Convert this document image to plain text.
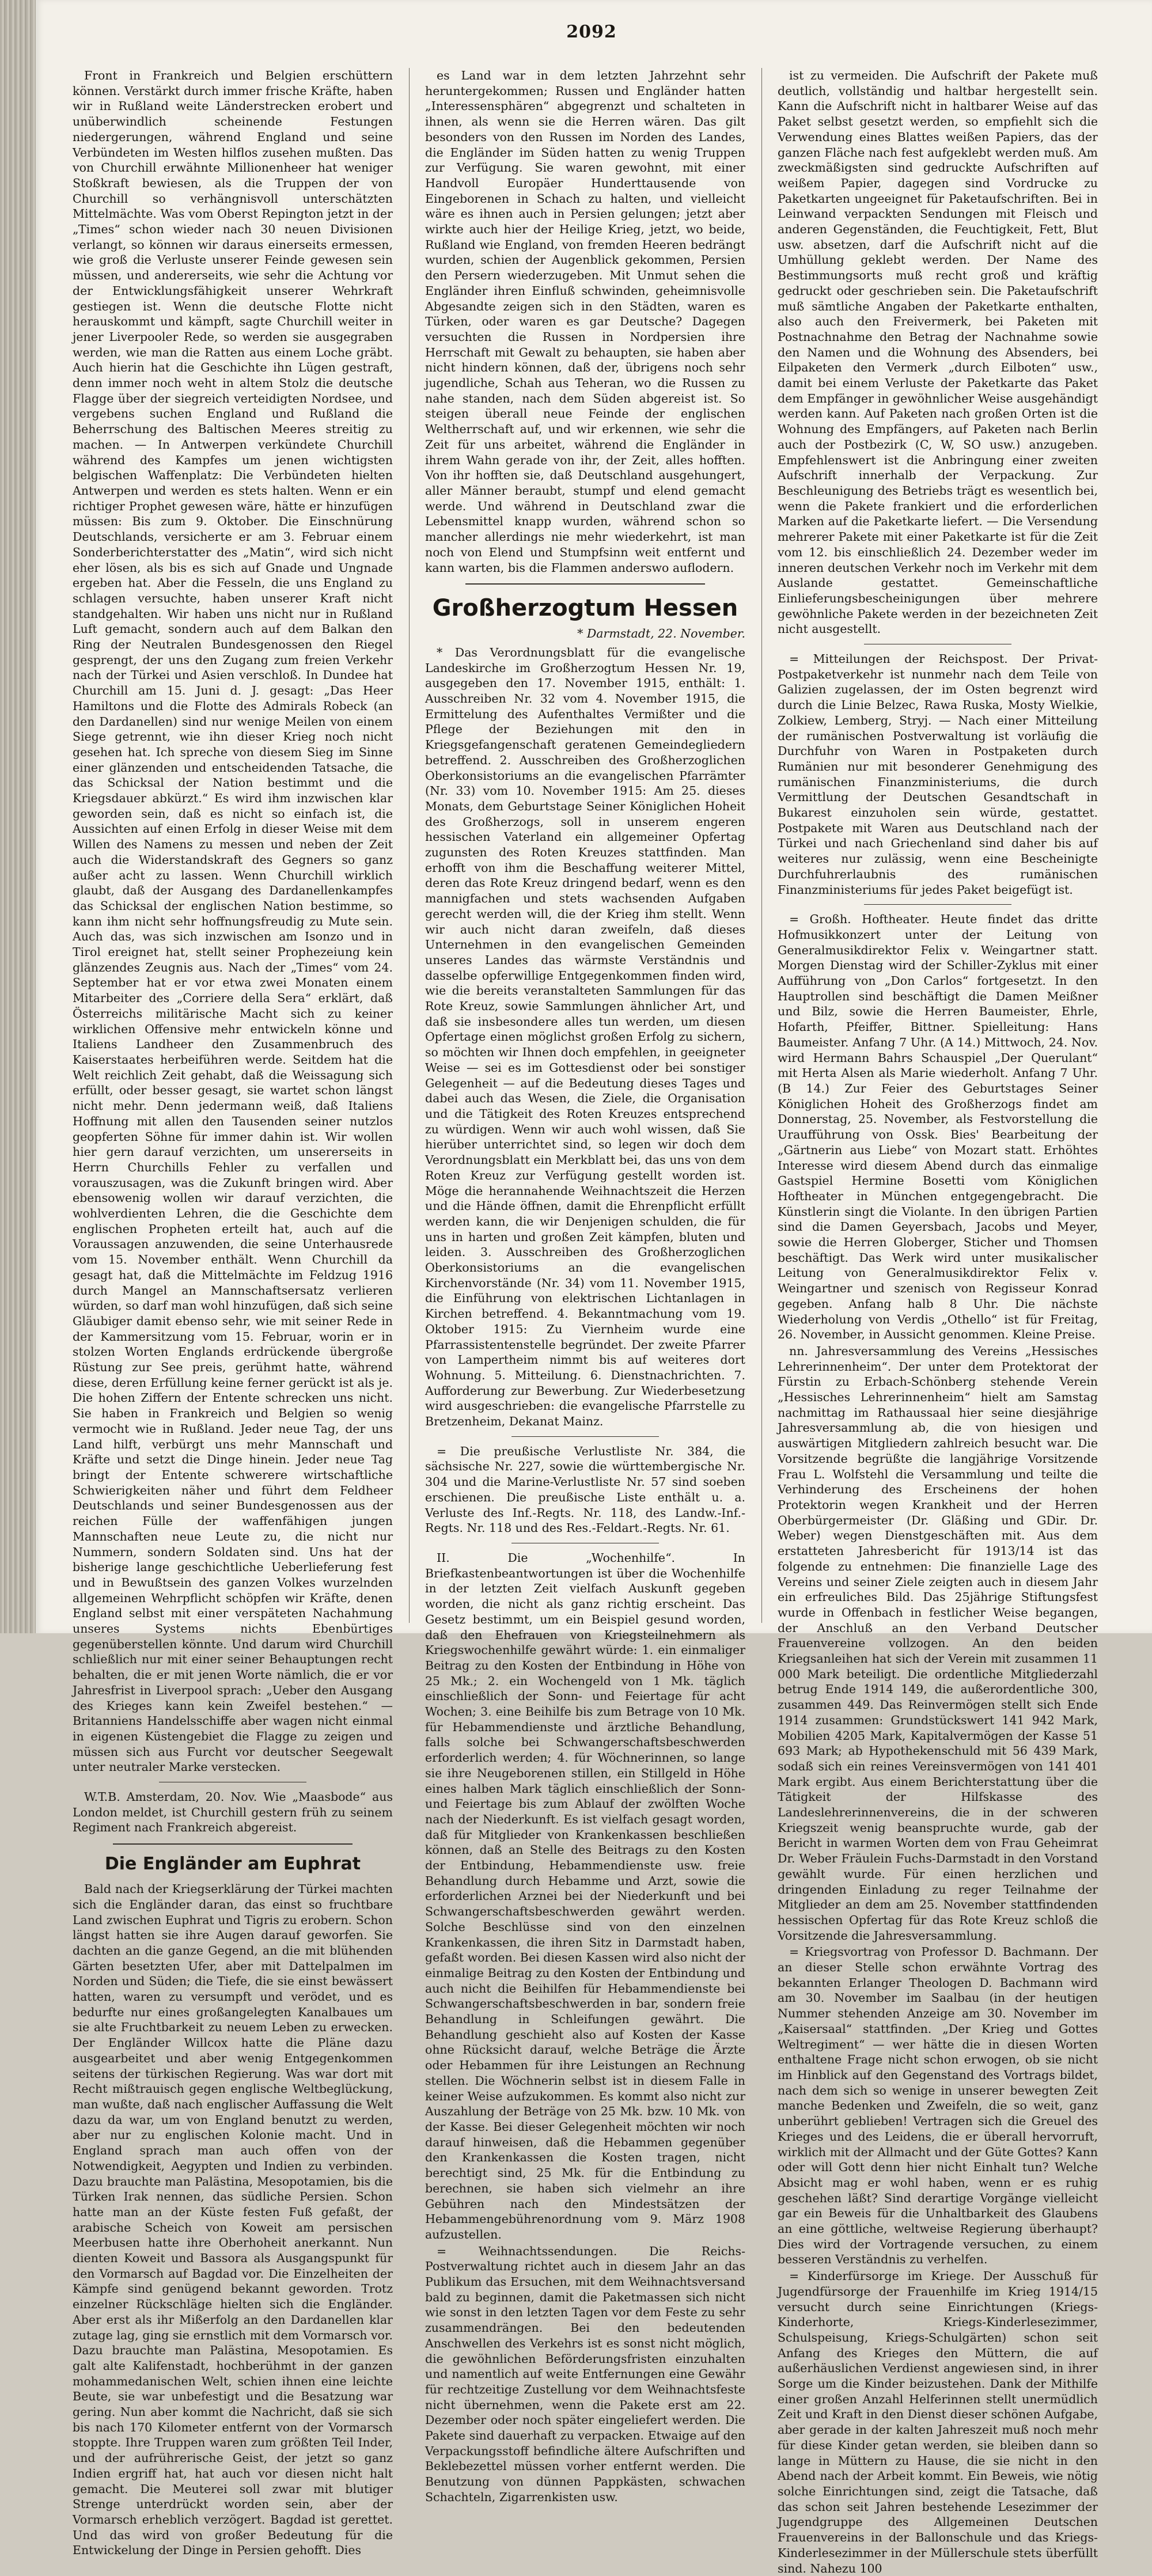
2092

Front in Frankreich und Belgien erschüttern können. Verstärkt durch immer frische Kräfte, haben wir in Rußland weite Länderstrecken erobert und unüberwindlich scheinende Festungen niedergerungen, während England und seine Verbündeten im Westen hilflos zusehen mußten. Das von Churchill erwähnte Millionenheer hat weniger Stoßkraft bewiesen, als die Truppen der von Churchill so verhängnisvoll unterschätzten Mittelmächte. Was vom Oberst Repington jetzt in der „Times“ schon wieder nach 30 neuen Divisionen verlangt, so können wir daraus einerseits ermessen, wie groß die Verluste unserer Feinde gewesen sein müssen, und andererseits, wie sehr die Achtung vor der Entwicklungsfähigkeit unserer Wehrkraft gestiegen ist. Wenn die deutsche Flotte nicht herauskommt und kämpft, sagte Churchill weiter in jener Liverpooler Rede, so werden sie ausgegraben werden, wie man die Ratten aus einem Loche gräbt. Auch hierin hat die Geschichte ihn Lügen gestraft, denn immer noch weht in altem Stolz die deutsche Flagge über der siegreich verteidigten Nordsee, und vergebens suchen England und Rußland die Beherrschung des Baltischen Meeres streitig zu machen. — In Antwerpen verkündete Churchill während des Kampfes um jenen wichtigsten belgischen Waffenplatz: Die Verbündeten hielten Antwerpen und werden es stets halten. Wenn er ein richtiger Prophet gewesen wäre, hätte er hinzufügen müssen: Bis zum 9. Oktober. Die Einschnürung Deutschlands, versicherte er am 3. Februar einem Sonderberichterstatter des „Matin“, wird sich nicht eher lösen, als bis es sich auf Gnade und Ungnade ergeben hat. Aber die Fesseln, die uns England zu schlagen versuchte, haben unserer Kraft nicht standgehalten. Wir haben uns nicht nur in Rußland Luft gemacht, sondern auch auf dem Balkan den Ring der Neutralen Bundesgenossen den Riegel gesprengt, der uns den Zugang zum freien Verkehr nach der Türkei und Asien verschloß. In Dundee hat Churchill am 15. Juni d. J. gesagt: „Das Heer Hamiltons und die Flotte des Admirals Robeck (an den Dardanellen) sind nur wenige Meilen von einem Siege getrennt, wie ihn dieser Krieg noch nicht gesehen hat. Ich spreche von diesem Sieg im Sinne einer glänzenden und entscheidenden Tatsache, die das Schicksal der Nation bestimmt und die Kriegsdauer abkürzt.“ Es wird ihm inzwischen klar geworden sein, daß es nicht so einfach ist, die Aussichten auf einen Erfolg in dieser Weise mit dem Willen des Namens zu messen und neben der Zeit auch die Widerstandskraft des Gegners so ganz außer acht zu lassen. Wenn Churchill wirklich glaubt, daß der Ausgang des Dardanellenkampfes das Schicksal der englischen Nation bestimme, so kann ihm nicht sehr hoffnungsfreudig zu Mute sein. Auch das, was sich inzwischen am Isonzo und in Tirol ereignet hat, stellt seiner Prophezeiung kein glänzendes Zeugnis aus. Nach der „Times“ vom 24. September hat er vor etwa zwei Monaten einem Mitarbeiter des „Corriere della Sera“ erklärt, daß Österreichs militärische Macht sich zu keiner wirklichen Offensive mehr entwickeln könne und Italiens Landheer den Zusammenbruch des Kaiserstaates herbeiführen werde. Seitdem hat die Welt reichlich Zeit gehabt, daß die Weissagung sich erfüllt, oder besser gesagt, sie wartet schon längst nicht mehr. Denn jedermann weiß, daß Italiens Hoffnung mit allen den Tausenden seiner nutzlos geopferten Söhne für immer dahin ist. Wir wollen hier gern darauf verzichten, um unsererseits in Herrn Churchills Fehler zu verfallen und vorauszusagen, was die Zukunft bringen wird. Aber ebensowenig wollen wir darauf verzichten, die wohlverdienten Lehren, die die Geschichte dem englischen Propheten erteilt hat, auch auf die Voraussagen anzuwenden, die seine Unterhausrede vom 15. November enthält. Wenn Churchill da gesagt hat, daß die Mittelmächte im Feldzug 1916 durch Mangel an Mannschaftsersatz verlieren würden, so darf man wohl hinzufügen, daß sich seine Gläubiger damit ebenso sehr, wie mit seiner Rede in der Kammersitzung vom 15. Februar, worin er in stolzen Worten Englands erdrückende übergroße Rüstung zur See preis, gerühmt hatte, während diese, deren Erfüllung keine ferner gerückt ist als je. Die hohen Ziffern der Entente schrecken uns nicht. Sie haben in Frankreich und Belgien so wenig vermocht wie in Rußland. Jeder neue Tag, der uns Land hilft, verbürgt uns mehr Mannschaft und Kräfte und setzt die Dinge hinein. Jeder neue Tag bringt der Entente schwerere wirtschaftliche Schwierigkeiten näher und führt dem Feldheer Deutschlands und seiner Bundesgenossen aus der reichen Fülle der waffenfähigen jungen Mannschaften neue Leute zu, die nicht nur Nummern, sondern Soldaten sind. Uns hat der bisherige lange geschichtliche Ueberlieferung fest und in Bewußtsein des ganzen Volkes wurzelnden allgemeinen Wehrpflicht schöpfen wir Kräfte, denen England selbst mit einer verspäteten Nachahmung unseres Systems nichts Ebenbürtiges gegenüberstellen könnte. Und darum wird Churchill schließlich nur mit einer seiner Behauptungen recht behalten, die er mit jenen Worte nämlich, die er vor Jahresfrist in Liverpool sprach: „Ueber den Ausgang des Krieges kann kein Zweifel bestehen.“ — Britanniens Handelsschiffe aber wagen nicht einmal in eigenen Küstengebiet die Flagge zu zeigen und müssen sich aus Furcht vor deutscher Seegewalt unter neutraler Marke verstecken.

W.T.B. Amsterdam, 20. Nov. Wie „Maasbode“ aus London meldet, ist Churchill gestern früh zu seinem Regiment nach Frankreich abgereist.

Die Engländer am Euphrat

Bald nach der Kriegserklärung der Türkei machten sich die Engländer daran, das einst so fruchtbare Land zwischen Euphrat und Tigris zu erobern. Schon längst hatten sie ihre Augen darauf geworfen. Sie dachten an die ganze Gegend, an die mit blühenden Gärten besetzten Ufer, aber mit Dattelpalmen im Norden und Süden; die Tiefe, die sie einst bewässert hatten, waren zu versumpft und verödet, und es bedurfte nur eines großangelegten Kanalbaues um sie alte Fruchtbarkeit zu neuem Leben zu erwecken. Der Engländer Willcox hatte die Pläne dazu ausgearbeitet und aber wenig Entgegenkommen seitens der türkischen Regierung. Was war dort mit Recht mißtrauisch gegen englische Weltbeglückung, man wußte, daß nach englischer Auffassung die Welt dazu da war, um von England benutzt zu werden, aber nur zu englischen Kolonie macht. Und in England sprach man auch offen von der Notwendigkeit, Aegypten und Indien zu verbinden. Dazu brauchte man Palästina, Mesopotamien, bis die Türken Irak nennen, das südliche Persien. Schon hatte man an der Küste festen Fuß gefaßt, der arabische Scheich von Koweit am persischen Meerbusen hatte ihre Oberhoheit anerkannt. Nun dienten Koweit und Bassora als Ausgangspunkt für den Vormarsch auf Bagdad vor. Die Einzelheiten der Kämpfe sind genügend bekannt geworden. Trotz einzelner Rückschläge hielten sich die Engländer. Aber erst als ihr Mißerfolg an den Dardanellen klar zutage lag, ging sie ernstlich mit dem Vormarsch vor. Dazu brauchte man Palästina, Mesopotamien. Es galt alte Kalifenstadt, hochberühmt in der ganzen mohammedanischen Welt, schien ihnen eine leichte Beute, sie war unbefestigt und die Besatzung war gering. Nun aber kommt die Nachricht, daß sie sich bis nach 170 Kilometer entfernt von der Vormarsch stoppte. Ihre Truppen waren zum größten Teil Inder, und der aufrührerische Geist, der jetzt so ganz Indien ergriff hat, hat auch vor diesen nicht halt gemacht. Die Meuterei soll zwar mit blutiger Strenge unterdrückt worden sein, aber der Vormarsch erheblich verzögert. Bagdad ist gerettet. Und das wird von großer Bedeutung für die Entwickelung der Dinge in Persien gehofft. Dies

es Land war in dem letzten Jahrzehnt sehr heruntergekommen; Russen und Engländer hatten „Interessensphären“ abgegrenzt und schalteten in ihnen, als wenn sie die Herren wären. Das gilt besonders von den Russen im Norden des Landes, die Engländer im Süden hatten zu wenig Truppen zur Verfügung. Sie waren gewohnt, mit einer Handvoll Europäer Hunderttausende von Eingeborenen in Schach zu halten, und vielleicht wäre es ihnen auch in Persien gelungen; jetzt aber wirkte auch hier der Heilige Krieg, jetzt, wo beide, Rußland wie England, von fremden Heeren bedrängt wurden, schien der Augenblick gekommen, Persien den Persern wiederzugeben. Mit Unmut sehen die Engländer ihren Einfluß schwinden, geheimnisvolle Abgesandte zeigen sich in den Städten, waren es Türken, oder waren es gar Deutsche? Dagegen versuchten die Russen in Nordpersien ihre Herrschaft mit Gewalt zu behaupten, sie haben aber nicht hindern können, daß der, übrigens noch sehr jugendliche, Schah aus Teheran, wo die Russen zu nahe standen, nach dem Süden abgereist ist. So steigen überall neue Feinde der englischen Weltherrschaft auf, und wir erkennen, wie sehr die Zeit für uns arbeitet, während die Engländer in ihrem Wahn gerade von ihr, der Zeit, alles hofften. Von ihr hofften sie, daß Deutschland ausgehungert, aller Männer beraubt, stumpf und elend gemacht werde. Und während in Deutschland zwar die Lebensmittel knapp wurden, während schon so mancher allerdings nie mehr wiederkehrt, ist man noch von Elend und Stumpfsinn weit entfernt und kann warten, bis die Flammen anderswo auflodern.

Großherzogtum Hessen
* Darmstadt, 22. November.

* Das Verordnungsblatt für die evangelische Landeskirche im Großherzogtum Hessen Nr. 19, ausgegeben den 17. November 1915, enthält: 1. Ausschreiben Nr. 32 vom 4. November 1915, die Ermittelung des Aufenthaltes Vermißter und die Pflege der Beziehungen mit den in Kriegsgefangenschaft geratenen Gemeindegliedern betreffend. 2. Ausschreiben des Großherzoglichen Oberkonsistoriums an die evangelischen Pfarrämter (Nr. 33) vom 10. November 1915: Am 25. dieses Monats, dem Geburtstage Seiner Königlichen Hoheit des Großherzogs, soll in unserem engeren hessischen Vaterland ein allgemeiner Opfertag zugunsten des Roten Kreuzes stattfinden. Man erhofft von ihm die Beschaffung weiterer Mittel, deren das Rote Kreuz dringend bedarf, wenn es den mannigfachen und stets wachsenden Aufgaben gerecht werden will, die der Krieg ihm stellt. Wenn wir auch nicht daran zweifeln, daß dieses Unternehmen in den evangelischen Gemeinden unseres Landes das wärmste Verständnis und dasselbe opferwillige Entgegenkommen finden wird, wie die bereits veranstalteten Sammlungen für das Rote Kreuz, sowie Sammlungen ähnlicher Art, und daß sie insbesondere alles tun werden, um diesen Opfertage einen möglichst großen Erfolg zu sichern, so möchten wir Ihnen doch empfehlen, in geeigneter Weise — sei es im Gottesdienst oder bei sonstiger Gelegenheit — auf die Bedeutung dieses Tages und dabei auch das Wesen, die Ziele, die Organisation und die Tätigkeit des Roten Kreuzes entsprechend zu würdigen. Wenn wir auch wohl wissen, daß Sie hierüber unterrichtet sind, so legen wir doch dem Verordnungsblatt ein Merkblatt bei, das uns von dem Roten Kreuz zur Verfügung gestellt worden ist. Möge die herannahende Weihnachtszeit die Herzen und die Hände öffnen, damit die Ehrenpflicht erfüllt werden kann, die wir Denjenigen schulden, die für uns in harten und großen Zeit kämpfen, bluten und leiden. 3. Ausschreiben des Großherzoglichen Oberkonsistoriums an die evangelischen Kirchenvorstände (Nr. 34) vom 11. November 1915, die Einführung von elektrischen Lichtanlagen in Kirchen betreffend. 4. Bekanntmachung vom 19. Oktober 1915: Zu Viernheim wurde eine Pfarrassistentenstelle begründet. Der zweite Pfarrer von Lampertheim nimmt bis auf weiteres dort Wohnung. 5. Mitteilung. 6. Dienstnachrichten. 7. Aufforderung zur Bewerbung. Zur Wiederbesetzung wird ausgeschrieben: die evangelische Pfarrstelle zu Bretzenheim, Dekanat Mainz.

= Die preußische Verlustliste Nr. 384, die sächsische Nr. 227, sowie die württembergische Nr. 304 und die Marine-Verlustliste Nr. 57 sind soeben erschienen. Die preußische Liste enthält u. a. Verluste des Inf.-Regts. Nr. 118, des Landw.-Inf.-Regts. Nr. 118 und des Res.-Feldart.-Regts. Nr. 61.

II. Die „Wochenhilfe“. In Briefkastenbeantwortungen ist über die Wochenhilfe in der letzten Zeit vielfach Auskunft gegeben worden, die nicht als ganz richtig erscheint. Das Gesetz bestimmt, um ein Beispiel gesund worden, daß den Ehefrauen von Kriegsteilnehmern als Kriegswochenhilfe gewährt würde: 1. ein einmaliger Beitrag zu den Kosten der Entbindung in Höhe von 25 Mk.; 2. ein Wochengeld von 1 Mk. täglich einschließlich der Sonn- und Feiertage für acht Wochen; 3. eine Beihilfe bis zum Betrage von 10 Mk. für Hebammendienste und ärztliche Behandlung, falls solche bei Schwangerschaftsbeschwerden erforderlich werden; 4. für Wöchnerinnen, so lange sie ihre Neugeborenen stillen, ein Stillgeld in Höhe eines halben Mark täglich einschließlich der Sonn- und Feiertage bis zum Ablauf der zwölften Woche nach der Niederkunft. Es ist vielfach gesagt worden, daß für Mitglieder von Krankenkassen beschließen können, daß an Stelle des Beitrags zu den Kosten der Entbindung, Hebammendienste usw. freie Behandlung durch Hebamme und Arzt, sowie die erforderlichen Arznei bei der Niederkunft und bei Schwangerschaftsbeschwerden gewährt werden. Solche Beschlüsse sind von den einzelnen Krankenkassen, die ihren Sitz in Darmstadt haben, gefaßt worden. Bei diesen Kassen wird also nicht der einmalige Beitrag zu den Kosten der Entbindung und auch nicht die Beihilfen für Hebammendienste bei Schwangerschaftsbeschwerden in bar, sondern freie Behandlung in Schleifungen gewährt. Die Behandlung geschieht also auf Kosten der Kasse ohne Rücksicht darauf, welche Beträge die Ärzte oder Hebammen für ihre Leistungen an Rechnung stellen. Die Wöchnerin selbst ist in diesem Falle in keiner Weise aufzukommen. Es kommt also nicht zur Auszahlung der Beträge von 25 Mk. bzw. 10 Mk. von der Kasse. Bei dieser Gelegenheit möchten wir noch darauf hinweisen, daß die Hebammen gegenüber den Krankenkassen die Kosten tragen, nicht berechtigt sind, 25 Mk. für die Entbindung zu berechnen, sie haben sich vielmehr an ihre Gebühren nach den Mindestsätzen der Hebammengebührenordnung vom 9. März 1908 aufzustellen.

= Weihnachtssendungen. Die Reichs-Postverwaltung richtet auch in diesem Jahr an das Publikum das Ersuchen, mit dem Weihnachtsversand bald zu beginnen, damit die Paketmassen sich nicht wie sonst in den letzten Tagen vor dem Feste zu sehr zusammendrängen. Bei den bedeutenden Anschwellen des Verkehrs ist es sonst nicht möglich, die gewöhnlichen Beförderungsfristen einzuhalten und namentlich auf weite Entfernungen eine Gewähr für rechtzeitige Zustellung vor dem Weihnachtsfeste nicht übernehmen, wenn die Pakete erst am 22. Dezember oder noch später eingeliefert werden. Die Pakete sind dauerhaft zu verpacken. Etwaige auf den Verpackungsstoff befindliche ältere Aufschriften und Beklebezettel müssen vorher entfernt werden. Die Benutzung von dünnen Pappkästen, schwachen Schachteln, Zigarrenkisten usw.

ist zu vermeiden. Die Aufschrift der Pakete muß deutlich, vollständig und haltbar hergestellt sein. Kann die Aufschrift nicht in haltbarer Weise auf das Paket selbst gesetzt werden, so empfiehlt sich die Verwendung eines Blattes weißen Papiers, das der ganzen Fläche nach fest aufgeklebt werden muß. Am zweckmäßigsten sind gedruckte Aufschriften auf weißem Papier, dagegen sind Vordrucke zu Paketkarten ungeeignet für Paketaufschriften. Bei in Leinwand verpackten Sendungen mit Fleisch und anderen Gegenständen, die Feuchtigkeit, Fett, Blut usw. absetzen, darf die Aufschrift nicht auf die Umhüllung geklebt werden. Der Name des Bestimmungsorts muß recht groß und kräftig gedruckt oder geschrieben sein. Die Paketaufschrift muß sämtliche Angaben der Paketkarte enthalten, also auch den Freivermerk, bei Paketen mit Postnachnahme den Betrag der Nachnahme sowie den Namen und die Wohnung des Absenders, bei Eilpaketen den Vermerk „durch Eilboten“ usw., damit bei einem Verluste der Paketkarte das Paket dem Empfänger in gewöhnlicher Weise ausgehändigt werden kann. Auf Paketen nach großen Orten ist die Wohnung des Empfängers, auf Paketen nach Berlin auch der Postbezirk (C, W, SO usw.) anzugeben. Empfehlenswert ist die Anbringung einer zweiten Aufschrift innerhalb der Verpackung. Zur Beschleunigung des Betriebs trägt es wesentlich bei, wenn die Pakete frankiert und die erforderlichen Marken auf die Paketkarte liefert. — Die Versendung mehrerer Pakete mit einer Paketkarte ist für die Zeit vom 12. bis einschließlich 24. Dezember weder im inneren deutschen Verkehr noch im Verkehr mit dem Auslande gestattet. Gemeinschaftliche Einlieferungsbescheinigungen über mehrere gewöhnliche Pakete werden in der bezeichneten Zeit nicht ausgestellt.

= Mitteilungen der Reichspost. Der Privat-Postpaketverkehr ist nunmehr nach dem Teile von Galizien zugelassen, der im Osten begrenzt wird durch die Linie Belzec, Rawa Ruska, Mosty Wielkie, Zolkiew, Lemberg, Stryj. — Nach einer Mitteilung der rumänischen Postverwaltung ist vorläufig die Durchfuhr von Waren in Postpaketen durch Rumänien nur mit besonderer Genehmigung des rumänischen Finanzministeriums, die durch Vermittlung der Deutschen Gesandtschaft in Bukarest einzuholen sein würde, gestattet. Postpakete mit Waren aus Deutschland nach der Türkei und nach Griechenland sind daher bis auf weiteres nur zulässig, wenn eine Bescheinigte Durchfuhrerlaubnis des rumänischen Finanzministeriums für jedes Paket beigefügt ist.

= Großh. Hoftheater. Heute findet das dritte Hofmusikkonzert unter der Leitung von Generalmusikdirektor Felix v. Weingartner statt. Morgen Dienstag wird der Schiller-Zyklus mit einer Aufführung von „Don Carlos“ fortgesetzt. In den Hauptrollen sind beschäftigt die Damen Meißner und Bilz, sowie die Herren Baumeister, Ehrle, Hofarth, Pfeiffer, Bittner. Spielleitung: Hans Baumeister. Anfang 7 Uhr. (A 14.) Mittwoch, 24. Nov. wird Hermann Bahrs Schauspiel „Der Querulant“ mit Herta Alsen als Marie wiederholt. Anfang 7 Uhr. (B 14.) Zur Feier des Geburtstages Seiner Königlichen Hoheit des Großherzogs findet am Donnerstag, 25. November, als Festvorstellung die Uraufführung von Ossk. Bies' Bearbeitung der „Gärtnerin aus Liebe“ von Mozart statt. Erhöhtes Interesse wird diesem Abend durch das einmalige Gastspiel Hermine Bosetti vom Königlichen Hoftheater in München entgegengebracht. Die Künstlerin singt die Violante. In den übrigen Partien sind die Damen Geyersbach, Jacobs und Meyer, sowie die Herren Globerger, Sticher und Thomsen beschäftigt. Das Werk wird unter musikalischer Leitung von Generalmusikdirektor Felix v. Weingartner und szenisch von Regisseur Konrad gegeben. Anfang halb 8 Uhr. Die nächste Wiederholung von Verdis „Othello“ ist für Freitag, 26. November, in Aussicht genommen. Kleine Preise.

nn. Jahresversammlung des Vereins „Hessisches Lehrerinnenheim“. Der unter dem Protektorat der Fürstin zu Erbach-Schönberg stehende Verein „Hessisches Lehrerinnenheim“ hielt am Samstag nachmittag im Rathaussaal hier seine diesjährige Jahresversammlung ab, die von hiesigen und auswärtigen Mitgliedern zahlreich besucht war. Die Vorsitzende begrüßte die langjährige Vorsitzende Frau L. Wolfstehl die Versammlung und teilte die Verhinderung des Erscheinens der hohen Protektorin wegen Krankheit und der Herren Oberbürgermeister (Dr. Gläßing und GDir. Dr. Weber) wegen Dienstgeschäften mit. Aus dem erstatteten Jahresbericht für 1913/14 ist das folgende zu entnehmen: Die finanzielle Lage des Vereins und seiner Ziele zeigten auch in diesem Jahr ein erfreuliches Bild. Das 25jährige Stiftungsfest wurde in Offenbach in festlicher Weise begangen, der Anschluß an den Verband Deutscher Frauenvereine vollzogen. An den beiden Kriegsanleihen hat sich der Verein mit zusammen 11 000 Mark beteiligt. Die ordentliche Mitgliederzahl betrug Ende 1914 149, die außerordentliche 300, zusammen 449. Das Reinvermögen stellt sich Ende 1914 zusammen: Grundstückswert 141 942 Mark, Mobilien 4205 Mark, Kapitalvermögen der Kasse 51 693 Mark; ab Hypothekenschuld mit 56 439 Mark, sodaß sich ein reines Vereinsvermögen von 141 401 Mark ergibt. Aus einem Berichterstattung über die Tätigkeit der Hilfskasse des Landeslehrerinnenvereins, die in der schweren Kriegszeit wenig beanspruchte wurde, gab der Bericht in warmen Worten dem von Frau Geheimrat Dr. Weber Fräulein Fuchs-Darmstadt in den Vorstand gewählt wurde. Für einen herzlichen und dringenden Einladung zu reger Teilnahme der Mitglieder an dem am 25. November stattfindenden hessischen Opfertag für das Rote Kreuz schloß die Vorsitzende die Jahresversammlung.

= Kriegsvortrag von Professor D. Bachmann. Der an dieser Stelle schon erwähnte Vortrag des bekannten Erlanger Theologen D. Bachmann wird am 30. November im Saalbau (in der heutigen Nummer stehenden Anzeige am 30. November im „Kaisersaal“ stattfinden. „Der Krieg und Gottes Weltregiment“ — wer hätte die in diesen Worten enthaltene Frage nicht schon erwogen, ob sie nicht im Hinblick auf den Gegenstand des Vortrags bildet, nach dem sich so wenige in unserer bewegten Zeit manche Bedenken und Zweifeln, die so weit, ganz unberührt geblieben! Vertragen sich die Greuel des Krieges und des Leidens, die er überall hervorruft, wirklich mit der Allmacht und der Güte Gottes? Kann oder will Gott denn hier nicht Einhalt tun? Welche Absicht mag er wohl haben, wenn er es ruhig geschehen läßt? Sind derartige Vorgänge vielleicht gar ein Beweis für die Unhaltbarkeit des Glaubens an eine göttliche, weltweise Regierung überhaupt? Dies wird der Vortragende versuchen, zu einem besseren Verständnis zu verhelfen.

= Kinderfürsorge im Kriege. Der Ausschuß für Jugendfürsorge der Frauenhilfe im Krieg 1914/15 versucht durch seine Einrichtungen (Kriegs-Kinderhorte, Kriegs-Kinderlesezimmer, Schulspeisung, Kriegs-Schulgärten) schon seit Anfang des Krieges den Müttern, die auf außerhäuslichen Verdienst angewiesen sind, in ihrer Sorge um die Kinder beizustehen. Dank der Mithilfe einer großen Anzahl Helferinnen stellt unermüdlich Zeit und Kraft in den Dienst dieser schönen Aufgabe, aber gerade in der kalten Jahreszeit muß noch mehr für diese Kinder getan werden, sie bleiben dann so lange in Müttern zu Hause, die sie nicht in den Abend nach der Arbeit kommt. Ein Beweis, wie nötig solche Einrichtungen sind, zeigt die Tatsache, daß das schon seit Jahren bestehende Lesezimmer der Jugendgruppe des Allgemeinen Deutschen Frauenvereins in der Ballonschule und das Kriegs-Kinderlesezimmer in der Müllerschule stets überfüllt sind. Nahezu 100
